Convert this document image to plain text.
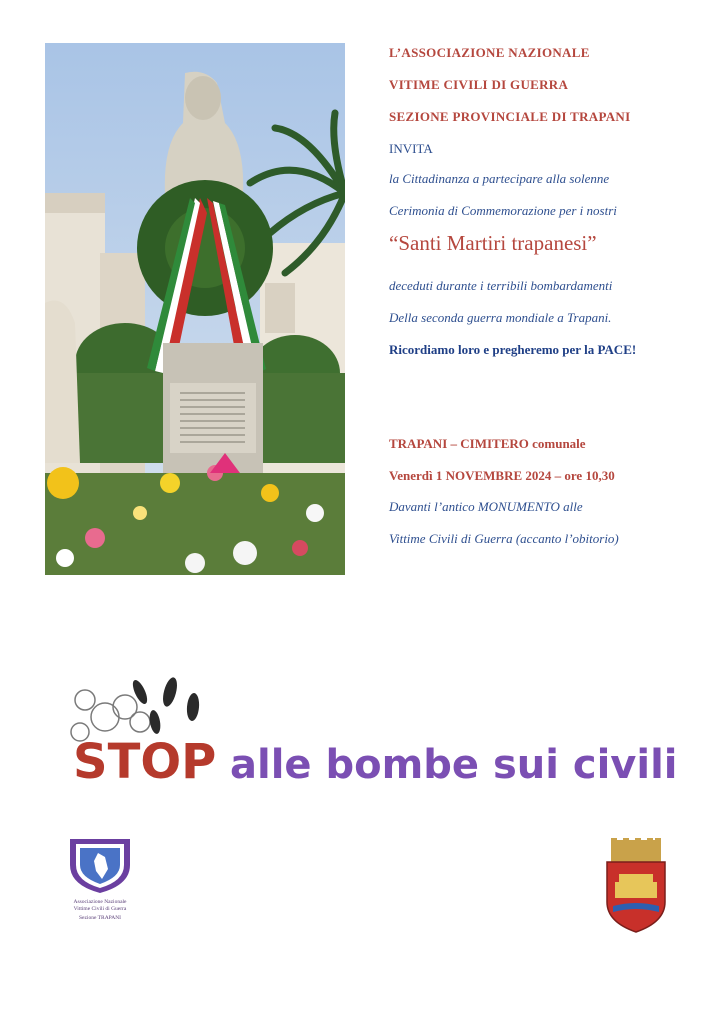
L’ASSOCIAZIONE NAZIONALE
VITIME CIVILI DI GUERRA
SEZIONE PROVINCIALE DI TRAPANI
INVITA
la Cittadinanza a partecipare alla solenne
Cerimonia di Commemorazione per i nostri
“Santi Martiri trapanesi”
deceduti durante i terribili bombardamenti
Della seconda guerra mondiale a Trapani.
Ricordiamo loro e pregheremo per la PACE!
TRAPANI – CIMITERO comunale
Venerdì 1 NOVEMBRE 2024 – ore 10,30
Davanti l’antico MONUMENTO alle
Vittime Civili di Guerra (accanto l’obitorio)
STOP alle bombe sui civili
Associazione Nazionale
Vittime Civili di Guerra
Sezione TRAPANI
